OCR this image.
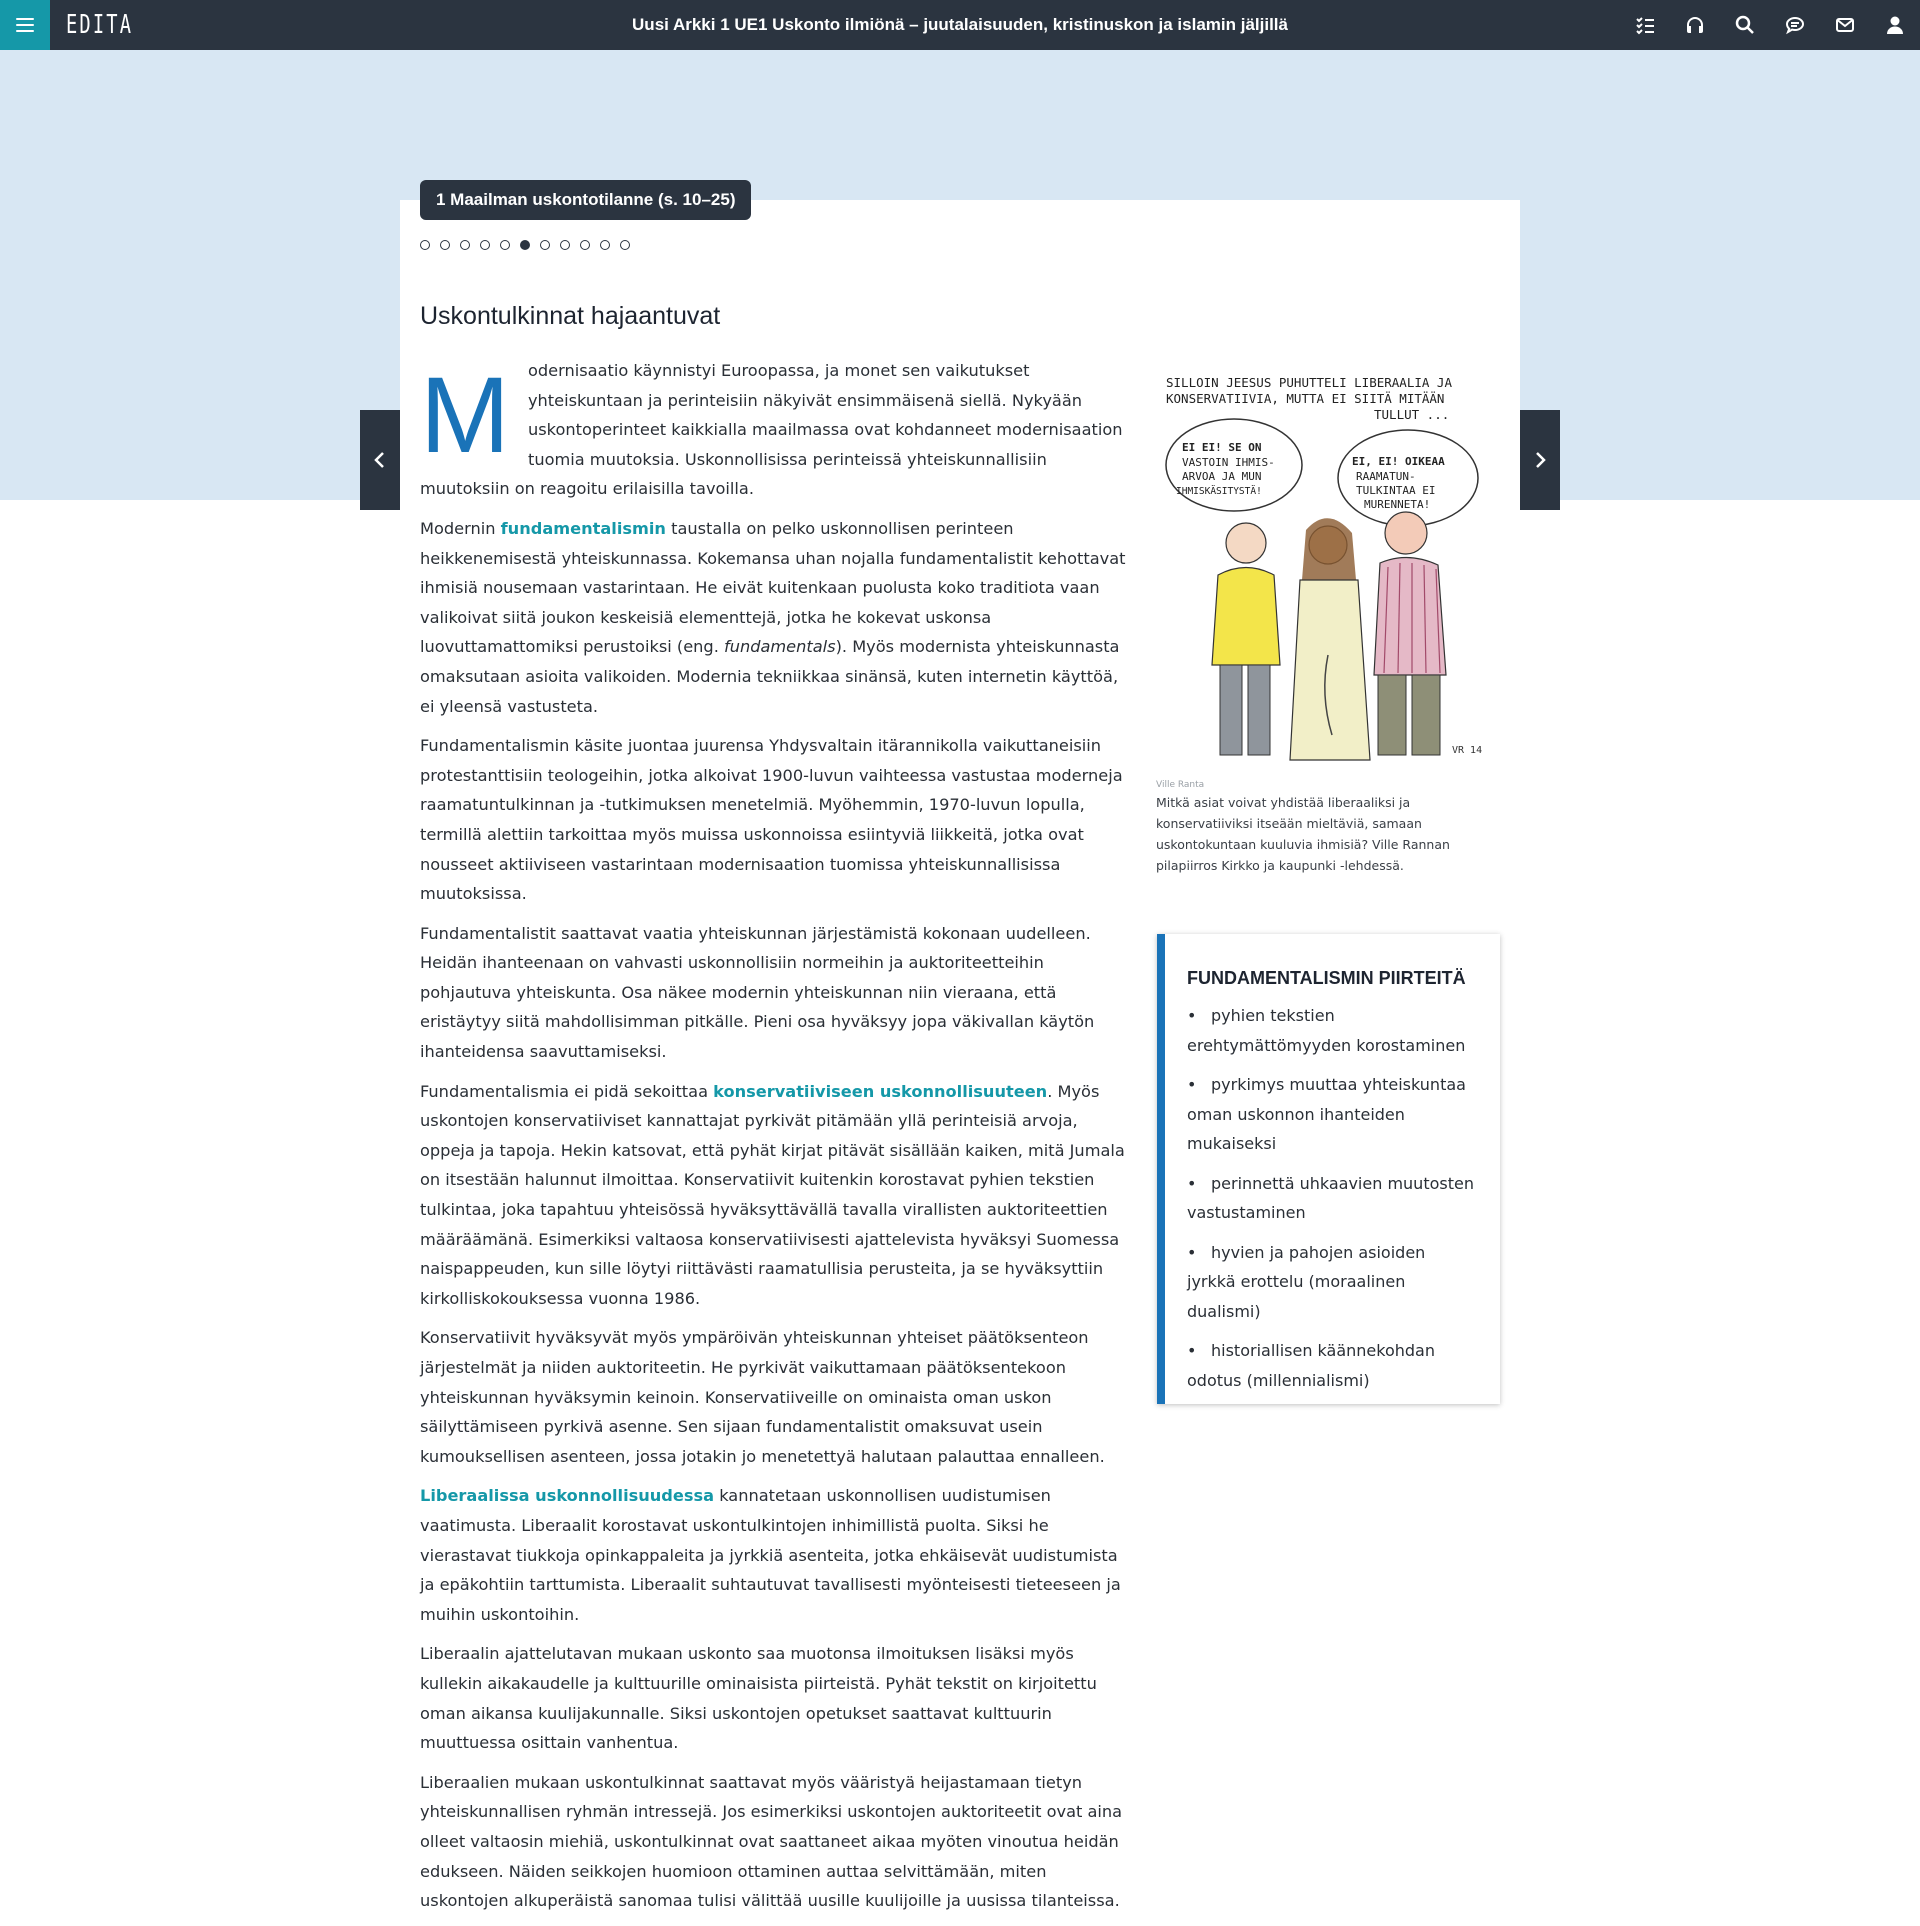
EDITA	Uusi Arkki 1 UE1 Uskonto ilmiönä – juutalaisuuden, kristinuskon ja islamin jäljillä
1 Maailman uskontotilanne (s. 10–25)
Uskontulkinnat hajaantuvat

M odernisaatio käynnistyi Euroopassa, ja monet sen vaikutukset yhteiskuntaan ja perinteisiin näkyivät ensimmäisenä siellä. Nykyään uskontoperinteet kaikkialla maailmassa ovat kohdanneet modernisaation tuomia muutoksia. Uskonnollisissa perinteissä yhteiskunnallisiin muutoksiin on reagoitu erilaisilla tavoilla.

Modernin fundamentalismin taustalla on pelko uskonnollisen perinteen heikkenemisestä yhteiskunnassa. Kokemansa uhan nojalla fundamentalistit kehottavat ihmisiä nousemaan vastarintaan. He eivät kuitenkaan puolusta koko traditiota vaan valikoivat siitä joukon keskeisiä elementtejä, jotka he kokevat uskonsa luovuttamattomiksi perustoiksi (eng. fundamentals). Myös modernista yhteiskunnasta omaksutaan asioita valikoiden. Modernia tekniikkaa sinänsä, kuten internetin käyttöä, ei yleensä vastusteta.

Fundamentalismin käsite juontaa juurensa Yhdysvaltain itärannikolla vaikuttaneisiin protestanttisiin teologeihin, jotka alkoivat 1900-luvun vaihteessa vastustaa moderneja raamatuntulkinnan ja -tutkimuksen menetelmiä. Myöhemmin, 1970-luvun lopulla, termillä alettiin tarkoittaa myös muissa uskonnoissa esiintyviä liikkeitä, jotka ovat nousseet aktiiviseen vastarintaan modernisaation tuomissa yhteiskunnallisissa muutoksissa.

Fundamentalistit saattavat vaatia yhteiskunnan järjestämistä kokonaan uudelleen. Heidän ihanteenaan on vahvasti uskonnollisiin normeihin ja auktoriteetteihin pohjautuva yhteiskunta. Osa näkee modernin yhteiskunnan niin vieraana, että eristäytyy siitä mahdollisimman pitkälle. Pieni osa hyväksyy jopa väkivallan käytön ihanteidensa saavuttamiseksi.

Fundamentalismia ei pidä sekoittaa konservatiiviseen uskonnollisuuteen. Myös uskontojen konservatiiviset kannattajat pyrkivät pitämään yllä perinteisiä arvoja, oppeja ja tapoja. Hekin katsovat, että pyhät kirjat pitävät sisällään kaiken, mitä Jumala on itsestään halunnut ilmoittaa. Konservatiivit kuitenkin korostavat pyhien tekstien tulkintaa, joka tapahtuu yhteisössä hyväksyttävällä tavalla virallisten auktoriteettien määräämänä. Esimerkiksi valtaosa konservatiivisesti ajattelevista hyväksyi Suomessa naispappeuden, kun sille löytyi riittävästi raamatullisia perusteita, ja se hyväksyttiin kirkolliskokouksessa vuonna 1986.

Konservatiivit hyväksyvät myös ympäröivän yhteiskunnan yhteiset päätöksenteon järjestelmät ja niiden auktoriteetin. He pyrkivät vaikuttamaan päätöksentekoon yhteiskunnan hyväksymin keinoin. Konservatiiveille on ominaista oman uskon säilyttämiseen pyrkivä asenne. Sen sijaan fundamentalistit omaksuvat usein kumouksellisen asenteen, jossa jotakin jo menetettyä halutaan palauttaa ennalleen.

Liberaalissa uskonnollisuudessa kannatetaan uskonnollisen uudistumisen vaatimusta. Liberaalit korostavat uskontulkintojen inhimillistä puolta. Siksi he vierastavat tiukkoja opinkappaleita ja jyrkkiä asenteita, jotka ehkäisevät uudistumista ja epäkohtiin tarttumista. Liberaalit suhtautuvat tavallisesti myönteisesti tieteeseen ja muihin uskontoihin.

Liberaalin ajattelutavan mukaan uskonto saa muotonsa ilmoituksen lisäksi myös kullekin aikakaudelle ja kulttuurille ominaisista piirteistä. Pyhät tekstit on kirjoitettu oman aikansa kuulijakunnalle. Siksi uskontojen opetukset saattavat kulttuurin muuttuessa osittain vanhentua.

Liberaalien mukaan uskontulkinnat saattavat myös vääristyä heijastamaan tietyn yhteiskunnallisen ryhmän intressejä. Jos esimerkiksi uskontojen auktoriteetit ovat aina olleet valtaosin miehiä, uskontulkinnat ovat saattaneet aikaa myöten vinoutua heidän edukseen. Näiden seikkojen huomioon ottaminen auttaa selvittämään, miten uskontojen alkuperäistä sanomaa tulisi välittää uusille kuulijoille ja uusissa tilanteissa.

SILLOIN JEESUS PUHUTTELI LIBERAALIA JA
KONSERVATIIVIA, MUTTA EI SIITÄ MITÄÄN
TULLUT ...
EI EI! SE ON
VASTOIN IHMIS-
ARVOA JA MUN
IHMISKÄSITYSTÄ!
EI, EI! OIKEAA
RAAMATUN-
TULKINTAA EI
MURENNETA!
VR 14
Ville Ranta
Mitkä asiat voivat yhdistää liberaaliksi ja konservatiiviksi itseään mieltäviä, samaan uskontokuntaan kuuluvia ihmisiä? Ville Rannan pilapiirros Kirkko ja kaupunki -lehdessä.
FUNDAMENTALISMIN PIIRTEITÄ
• pyhien tekstien erehtymättömyyden korostaminen
• pyrkimys muuttaa yhteiskuntaa oman uskonnon ihanteiden mukaiseksi
• perinnettä uhkaavien muutosten vastustaminen
• hyvien ja pahojen asioiden jyrkkä erottelu (moraalinen dualismi)
• historiallisen käännekohdan odotus (millennialismi)
